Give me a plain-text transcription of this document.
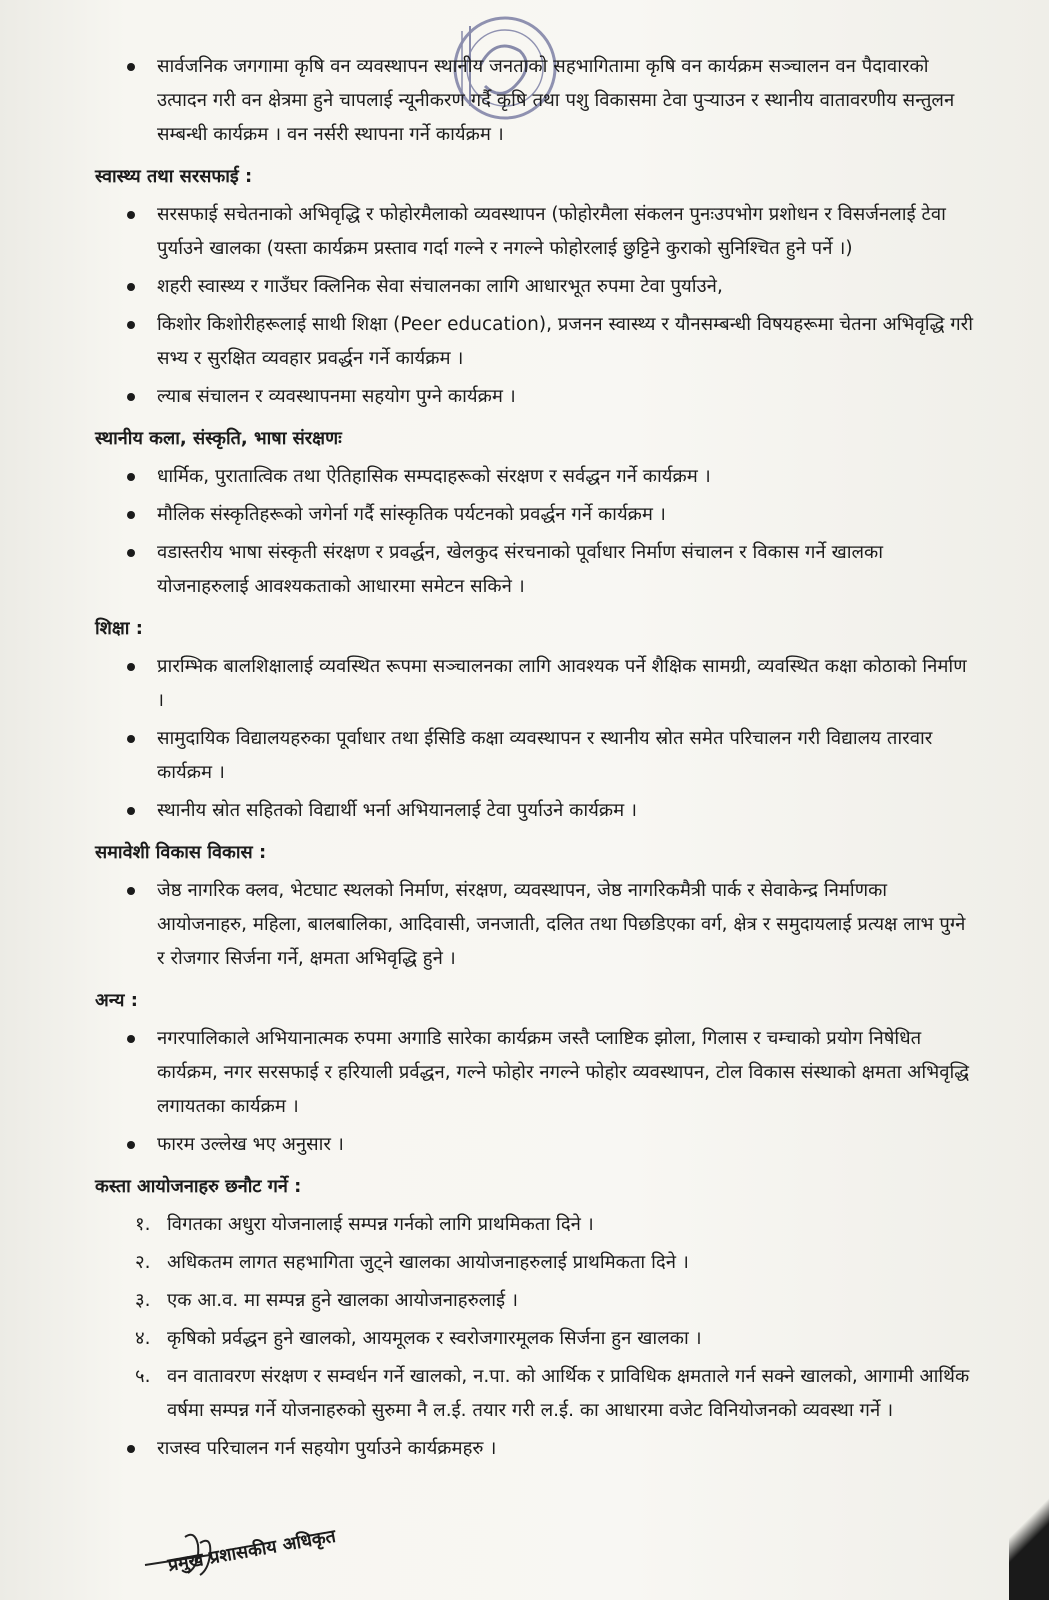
सार्वजनिक जगगामा कृषि वन व्यवस्थापन स्थानीय जनताको सहभागितामा कृषि वन कार्यक्रम सञ्चालन वन पैदावारको उत्पादन गरी वन क्षेत्रमा हुने चापलाई न्यूनीकरण गर्दै कृषि तथा पशु विकासमा टेवा पुऱ्याउन र स्थानीय वातावरणीय सन्तुलन सम्बन्धी कार्यक्रम । वन नर्सरी स्थापना गर्ने कार्यक्रम ।
स्वास्थ्य तथा सरसफाई :
सरसफाई सचेतनाको अभिवृद्धि र फोहोरमैलाको व्यवस्थापन (फोहोरमैला संकलन पुनःउपभोग प्रशोधन र विसर्जनलाई टेवा पुर्याउने खालका (यस्ता कार्यक्रम प्रस्ताव गर्दा गल्ने र नगल्ने फोहोरलाई छुट्टिने कुराको सुनिश्चित हुने पर्ने ।)
शहरी स्वास्थ्य र गाउँघर क्लिनिक सेवा संचालनका लागि आधारभूत रुपमा टेवा पुर्याउने,
किशोर किशोरीहरूलाई साथी शिक्षा (Peer education), प्रजनन स्वास्थ्य र यौनसम्बन्धी विषयहरूमा चेतना अभिवृद्धि गरी सभ्य र सुरक्षित व्यवहार प्रवर्द्धन गर्ने कार्यक्रम ।
ल्याब संचालन र व्यवस्थापनमा सहयोग पुग्ने कार्यक्रम ।
स्थानीय कला, संस्कृति, भाषा संरक्षणः
धार्मिक, पुरातात्विक तथा ऐतिहासिक सम्पदाहरूको संरक्षण र सर्वद्धन गर्ने कार्यक्रम ।
मौलिक संस्कृतिहरूको जगेर्ना गर्दै सांस्कृतिक पर्यटनको प्रवर्द्धन गर्ने कार्यक्रम ।
वडास्तरीय भाषा संस्कृती संरक्षण र प्रवर्द्धन, खेलकुद संरचनाको पूर्वाधार निर्माण संचालन र विकास गर्ने खालका योजनाहरुलाई आवश्यकताको आधारमा समेटन सकिने ।
शिक्षा :
प्रारम्भिक बालशिक्षालाई व्यवस्थित रूपमा सञ्चालनका लागि आवश्यक पर्ने शैक्षिक सामग्री, व्यवस्थित कक्षा कोठाको निर्माण ।
सामुदायिक विद्यालयहरुका पूर्वाधार तथा ईसिडि कक्षा व्यवस्थापन र स्थानीय स्रोत समेत परिचालन गरी विद्यालय तारवार कार्यक्रम ।
स्थानीय स्रोत सहितको विद्यार्थी भर्ना अभियानलाई टेवा पुर्याउने कार्यक्रम ।
समावेशी विकास विकास :
जेष्ठ नागरिक क्लव, भेटघाट स्थलको निर्माण, संरक्षण, व्यवस्थापन, जेष्ठ नागरिकमैत्री पार्क र सेवाकेन्द्र निर्माणका आयोजनाहरु, महिला, बालबालिका, आदिवासी, जनजाती, दलित तथा पिछडिएका वर्ग, क्षेत्र र समुदायलाई प्रत्यक्ष लाभ पुग्ने र रोजगार सिर्जना गर्ने, क्षमता अभिवृद्धि हुने ।
अन्य :
नगरपालिकाले अभियानात्मक रुपमा अगाडि सारेका कार्यक्रम जस्तै प्लाष्टिक झोला, गिलास र चम्चाको प्रयोग निषेधित कार्यक्रम, नगर सरसफाई र हरियाली प्रर्वद्धन, गल्ने फोहोर नगल्ने फोहोर व्यवस्थापन, टोल विकास संस्थाको क्षमता अभिवृद्धि लगायतका कार्यक्रम ।
फारम उल्लेख भए अनुसार ।
कस्ता आयोजनाहरु छनौट गर्ने :
१. विगतका अधुरा योजनालाई सम्पन्न गर्नको लागि प्राथमिकता दिने ।
२. अधिकतम लागत सहभागिता जुट्ने खालका आयोजनाहरुलाई प्राथमिकता दिने ।
३. एक आ.व. मा सम्पन्न हुने खालका आयोजनाहरुलाई ।
४. कृषिको प्रर्वद्धन हुने खालको, आयमूलक र स्वरोजगारमूलक सिर्जना हुन खालका ।
५. वन वातावरण संरक्षण र सम्वर्धन गर्ने खालको, न.पा. को आर्थिक र प्राविधिक क्षमताले गर्न सक्ने खालको, आगामी आर्थिक वर्षमा सम्पन्न गर्ने योजनाहरुको सुरुमा नै ल.ई. तयार गरी ल.ई. का आधारमा वजेट विनियोजनको व्यवस्था गर्ने ।
राजस्व परिचालन गर्न सहयोग पुर्याउने कार्यक्रमहरु ।
प्रमुख प्रशासकीय अधिकृत
